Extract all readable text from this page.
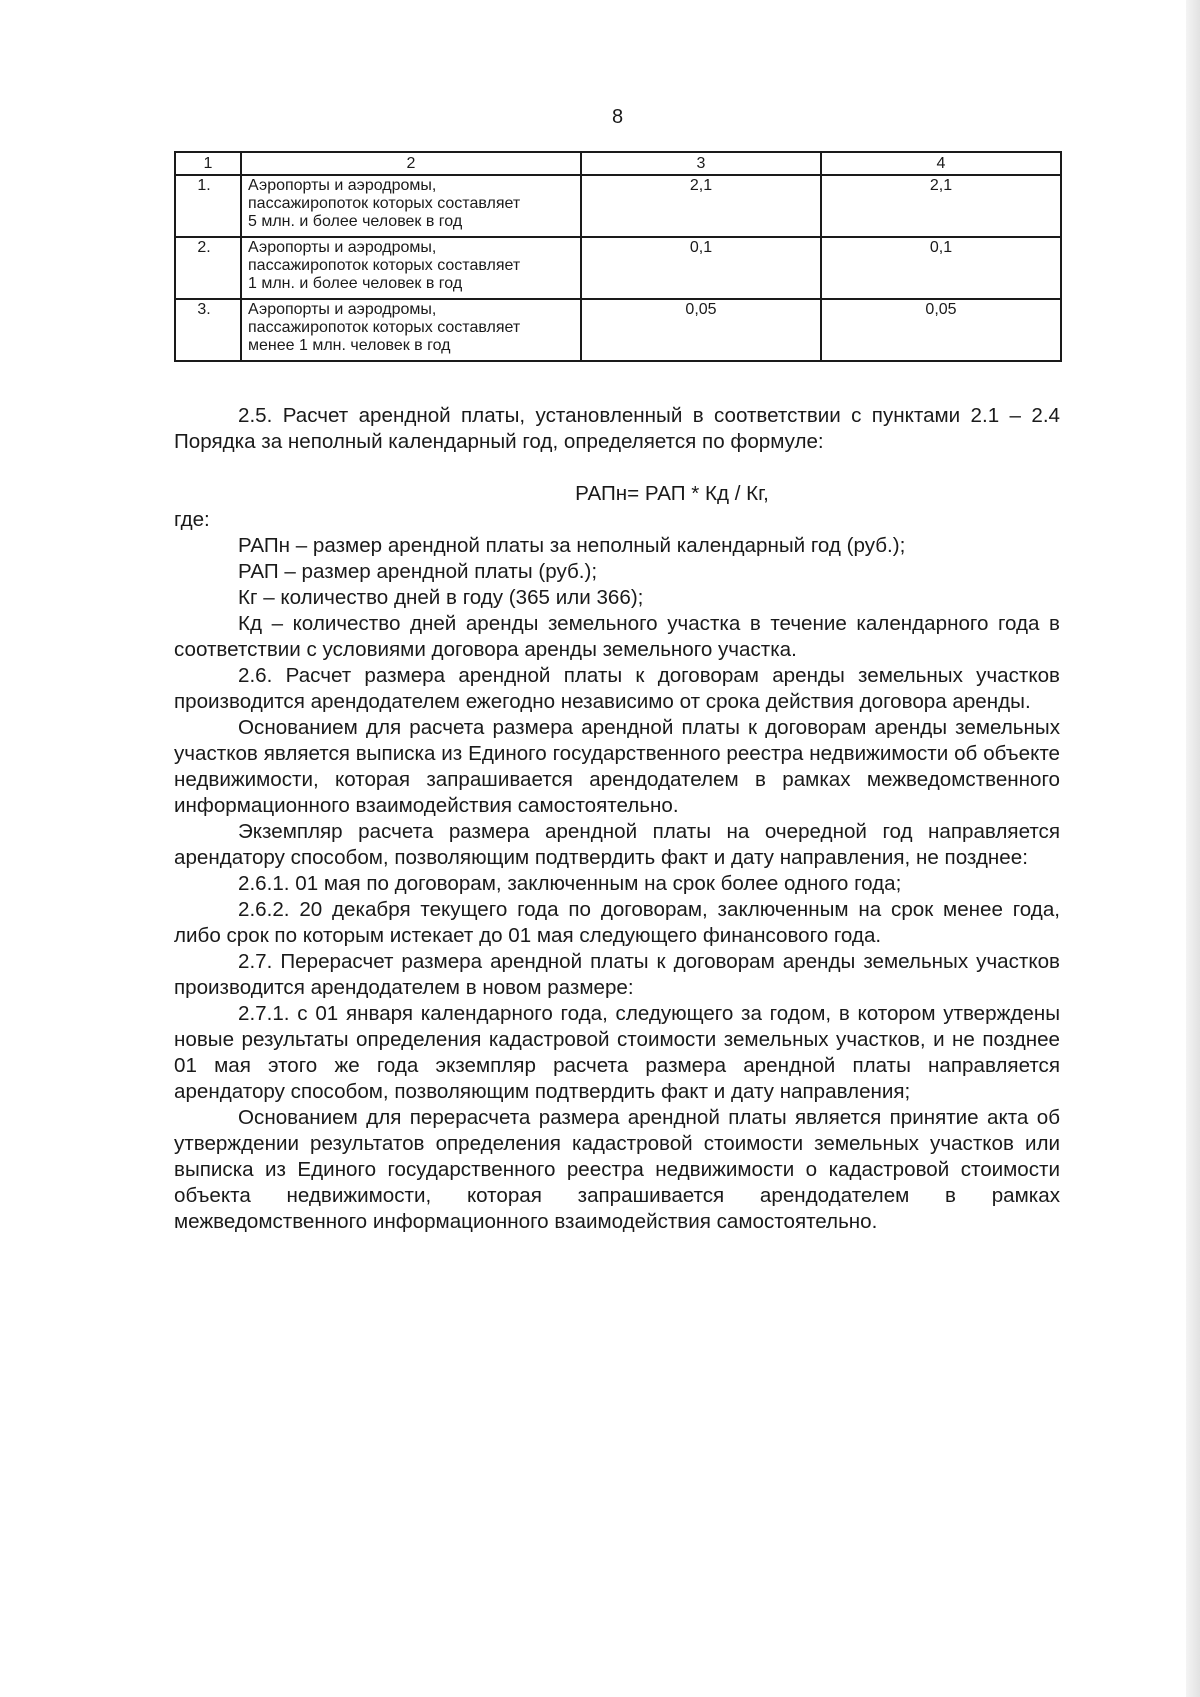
8
1	2	3	4
1.	Аэропорты и аэродромы,
пассажиропоток которых составляет
5 млн. и более человек в год	2,1	2,1
2.	Аэропорты и аэродромы,
пассажиропоток которых составляет
1 млн. и более человек в год	0,1	0,1
3.	Аэропорты и аэродромы,
пассажиропоток которых составляет
менее 1 млн. человек в год	0,05	0,05

2.5. Расчет арендной платы, установленный в соответствии с пунктами 2.1 – 2.4 Порядка за неполный календарный год, определяется по формуле:

РАПн= РАП * Кд / Кг,

где:

РАПн – размер арендной платы за неполный календарный год (руб.);

РАП – размер арендной платы (руб.);

Кг – количество дней в году (365 или 366);

Кд – количество дней аренды земельного участка в течение календарного года в соответствии с условиями договора аренды земельного участка.

2.6. Расчет размера арендной платы к договорам аренды земельных участков производится арендодателем ежегодно независимо от срока действия договора аренды.

Основанием для расчета размера арендной платы к договорам аренды земельных участков является выписка из Единого государственного реестра недвижимости об объекте недвижимости, которая запрашивается арендодателем в рамках межведомственного информационного взаимодействия самостоятельно.

Экземпляр расчета размера арендной платы на очередной год направляется арендатору способом, позволяющим подтвердить факт и дату направления, не позднее:

2.6.1. 01 мая по договорам, заключенным на срок более одного года;

2.6.2. 20 декабря текущего года по договорам, заключенным на срок менее года, либо срок по которым истекает до 01 мая следующего финансового года.

2.7. Перерасчет размера арендной платы к договорам аренды земельных участков производится арендодателем в новом размере:

2.7.1. с 01 января календарного года, следующего за годом, в котором утверждены новые результаты определения кадастровой стоимости земельных участков, и не позднее 01 мая этого же года экземпляр расчета размера арендной платы направляется арендатору способом, позволяющим подтвердить факт и дату направления;

Основанием для перерасчета размера арендной платы является принятие акта об утверждении результатов определения кадастровой стоимости земельных участков или выписка из Единого государственного реестра недвижимости о кадастровой стоимости объекта недвижимости, которая запрашивается арендодателем в рамках межведомственного информационного взаимодействия самостоятельно.
